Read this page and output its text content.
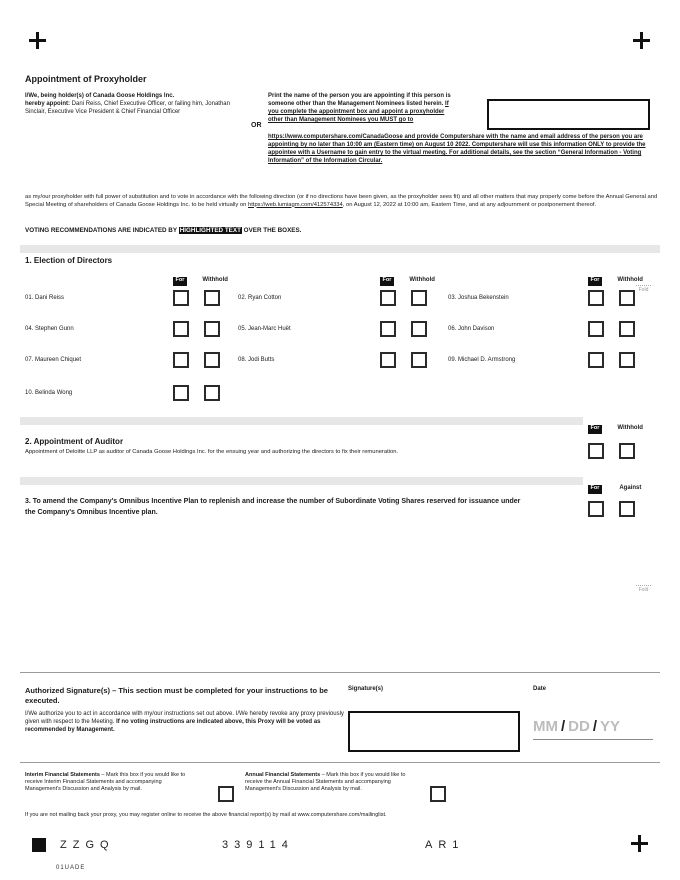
Appointment of Proxyholder
I/We, being holder(s) of Canada Goose Holdings Inc.
hereby appoint: Dani Reiss, Chief Executive Officer, or failing him, Jonathan Sinclair, Executive Vice President & Chief Financial Officer
OR
Print the name of the person you are appointing if this person is someone other than the Management Nominees listed herein. If you complete the appointment box and appoint a proxyholder other than Management Nominees you MUST go to
https://www.computershare.com/CanadaGoose and provide Computershare with the name and email address of the person you are appointing by no later than 10:00 am (Eastern time) on August 10 2022. Computershare will use this information ONLY to provide the appointee with a Username to gain entry to the virtual meeting. For additional details, see the section “General Information - Voting Information” of the Information Circular.
as my/our proxyholder with full power of substitution and to vote in accordance with the following direction (or if no directions have been given, as the proxyholder sees fit) and all other matters that may properly come before the Annual General and Special Meeting of shareholders of Canada Goose Holdings Inc. to be held virtually on https://web.lumiagm.com/412574334, on August 12, 2022 at 10:00 am, Eastern Time, and at any adjournment or postponement thereof.
VOTING RECOMMENDATIONS ARE INDICATED BY HIGHLIGHTED TEXT OVER THE BOXES.
1. Election of Directors
Fold
For	Withhold	For	Withhold	For	Withhold
01. Dani Reiss	02. Ryan Cotton	03. Joshua Bekenstein
04. Stephen Gunn	05. Jean-Marc Huët	06. John Davison
07. Maureen Chiquet	08. Jodi Butts	09. Michael D. Armstrong
10. Belinda Wong
For	Withhold
2. Appointment of Auditor
Appointment of Deloitte LLP as auditor of Canada Goose Holdings Inc. for the ensuing year and authorizing the directors to fix their remuneration.
For	Against
3. To amend the Company's Omnibus Incentive Plan to replenish and increase the number of Subordinate Voting Shares reserved for issuance under the Company's Omnibus Incentive plan.
Fold
Authorized Signature(s) – This section must be completed for your instructions to be executed.
I/We authorize you to act in accordance with my/our instructions set out above. I/We hereby revoke any proxy previously given with respect to the Meeting. If no voting instructions are indicated above, this Proxy will be voted as recommended by Management.
Signature(s)	Date
MM / DD / YY
Interim Financial Statements – Mark this box if you would like to receive Interim Financial Statements and accompanying Management's Discussion and Analysis by mail.
Annual Financial Statements – Mark this box if you would like to receive the Annual Financial Statements and accompanying Management's Discussion and Analysis by mail.
If you are not mailing back your proxy, you may register online to receive the above financial report(s) by mail at www.computershare.com/mailinglist.
ZZGQ	339114	AR1
01UADE
